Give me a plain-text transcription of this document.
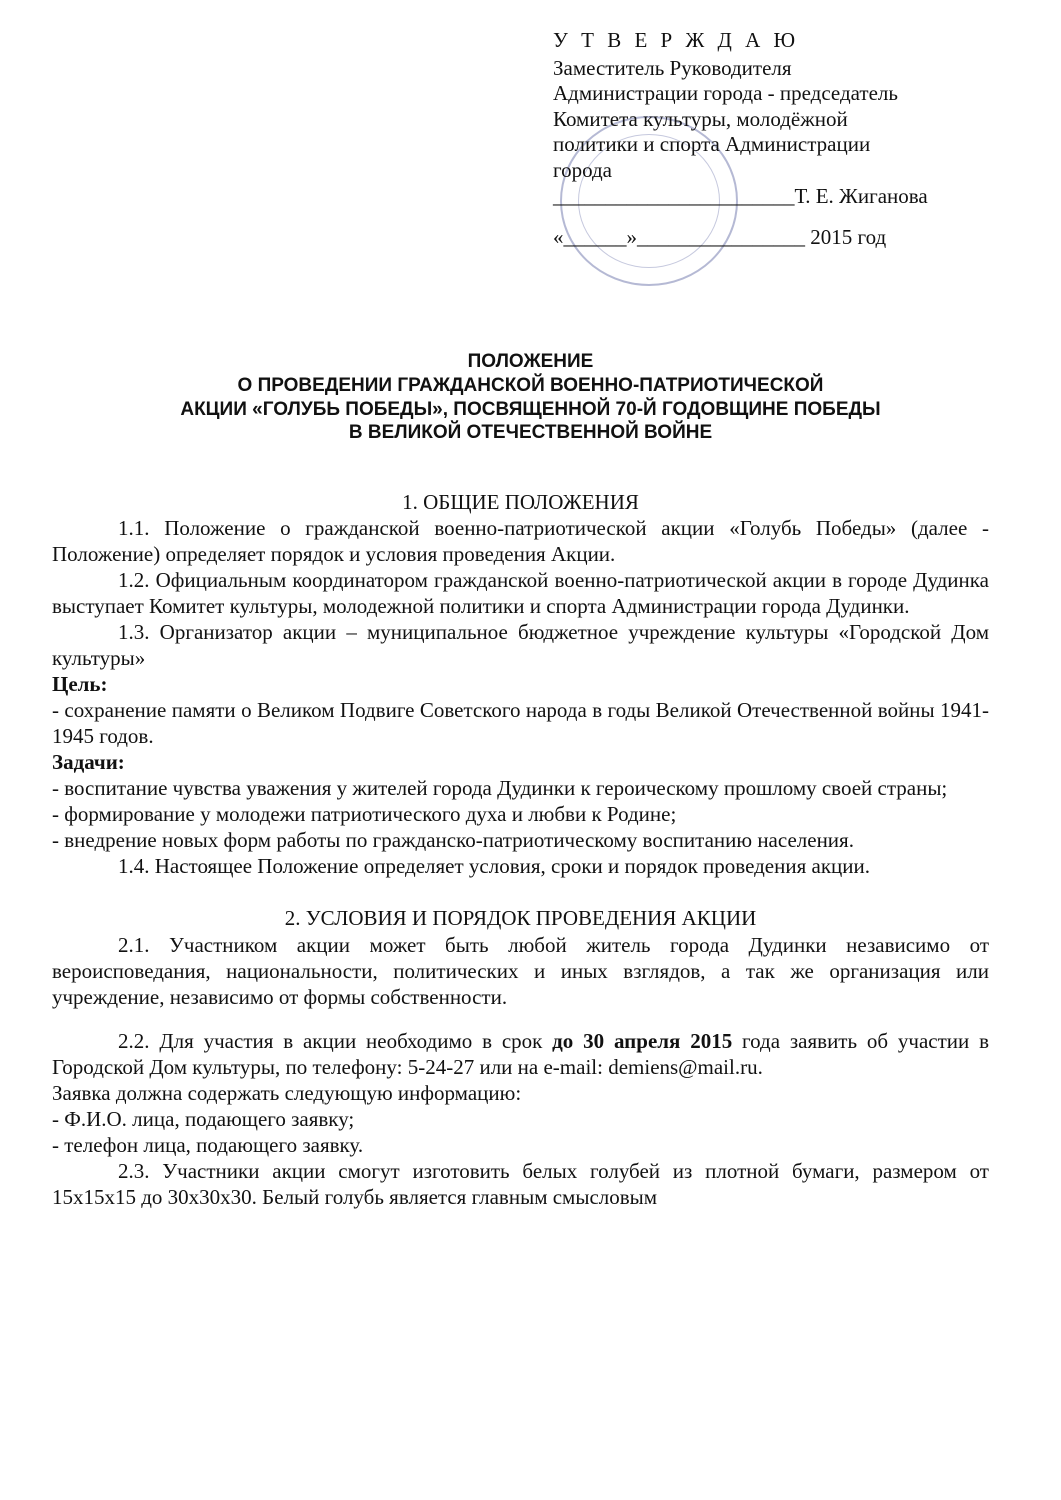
У Т В Е Р Ж Д А Ю
Заместитель Руководителя
Администрации города - председатель
Комитета культуры, молодёжной
политики и спорта Администрации
города
_______________________Т. Е. Жиганова
«______»________________ 2015 год
ПОЛОЖЕНИЕ
О ПРОВЕДЕНИИ ГРАЖДАНСКОЙ ВОЕННО-ПАТРИОТИЧЕСКОЙ
АКЦИИ «ГОЛУБЬ ПОБЕДЫ», ПОСВЯЩЕННОЙ 70-Й ГОДОВЩИНЕ ПОБЕДЫ
В ВЕЛИКОЙ ОТЕЧЕСТВЕННОЙ ВОЙНЕ

1. ОБЩИЕ ПОЛОЖЕНИЯ

1.1. Положение о гражданской военно-патриотической акции «Голубь Победы» (далее - Положение) определяет порядок и условия проведения Акции.

1.2. Официальным координатором гражданской военно-патриотической акции в городе Дудинка выступает Комитет культуры, молодежной политики и спорта Администрации города Дудинки.

1.3. Организатор акции – муниципальное бюджетное учреждение культуры «Городской Дом культуры»

Цель:

- сохранение памяти о Великом Подвиге Советского народа в годы Великой Отечественной войны 1941-1945 годов.

Задачи:

- воспитание чувства уважения у жителей города Дудинки к героическому прошлому своей страны;

- формирование у молодежи патриотического духа и любви к Родине;

- внедрение новых форм работы по гражданско-патриотическому воспитанию населения.

1.4. Настоящее Положение определяет условия, сроки и порядок проведения акции.

2. УСЛОВИЯ И ПОРЯДОК ПРОВЕДЕНИЯ АКЦИИ

2.1. Участником акции может быть любой житель города Дудинки независимо от вероисповедания, национальности, политических и иных взглядов, а так же организация или учреждение, независимо от формы собственности.

2.2. Для участия в акции необходимо в срок до 30 апреля 2015 года заявить об участии в Городской Дом культуры, по телефону: 5-24-27 или на e-mail: demiens@mail.ru.

Заявка должна содержать следующую информацию:

- Ф.И.О. лица, подающего заявку;

- телефон лица, подающего заявку.

2.3. Участники акции смогут изготовить белых голубей из плотной бумаги, размером от 15х15х15 до 30х30х30. Белый голубь является главным смысловым
